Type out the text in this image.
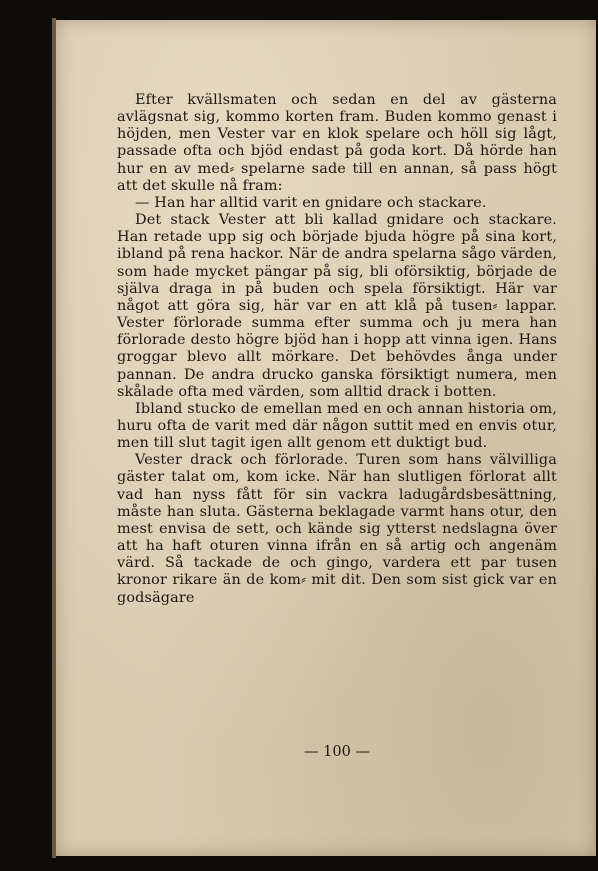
Efter kvällsmaten och sedan en del av gästerna avlägsnat sig, kommo korten fram. Buden kommo genast i höjden, men Vester var en klok spelare och höll sig lågt, passade ofta och bjöd endast på goda kort. Då hörde han hur en av med⸗ spelarne sade till en annan, så pass högt att det skulle nå fram:

— Han har alltid varit en gnidare och stackare.

Det stack Vester att bli kallad gnidare och stackare. Han retade upp sig och började bjuda högre på sina kort, ibland på rena hackor. När de andra spelarna sågo värden, som hade mycket pängar på sig, bli oförsiktig, började de själva draga in på buden och spela försiktigt. Här var något att göra sig, här var en att klå på tusen⸗ lappar. Vester förlorade summa efter summa och ju mera han förlorade desto högre bjöd han i hopp att vinna igen. Hans groggar blevo allt mörkare. Det behövdes ånga under pannan. De andra drucko ganska försiktigt numera, men skålade ofta med värden, som alltid drack i botten.

Ibland stucko de emellan med en och annan historia om, huru ofta de varit med där någon suttit med en envis otur, men till slut tagit igen allt genom ett duktigt bud.

Vester drack och förlorade. Turen som hans välvilliga gäster talat om, kom icke. När han slutligen förlorat allt vad han nyss fått för sin vackra ladugårdsbesättning, måste han sluta. Gästerna beklagade varmt hans otur, den mest envisa de sett, och kände sig ytterst nedslagna över att ha haft oturen vinna ifrån en så artig och angenäm värd. Så tackade de och gingo, vardera ett par tusen kronor rikare än de kom⸗ mit dit. Den som sist gick var en godsägare

— 100 —
